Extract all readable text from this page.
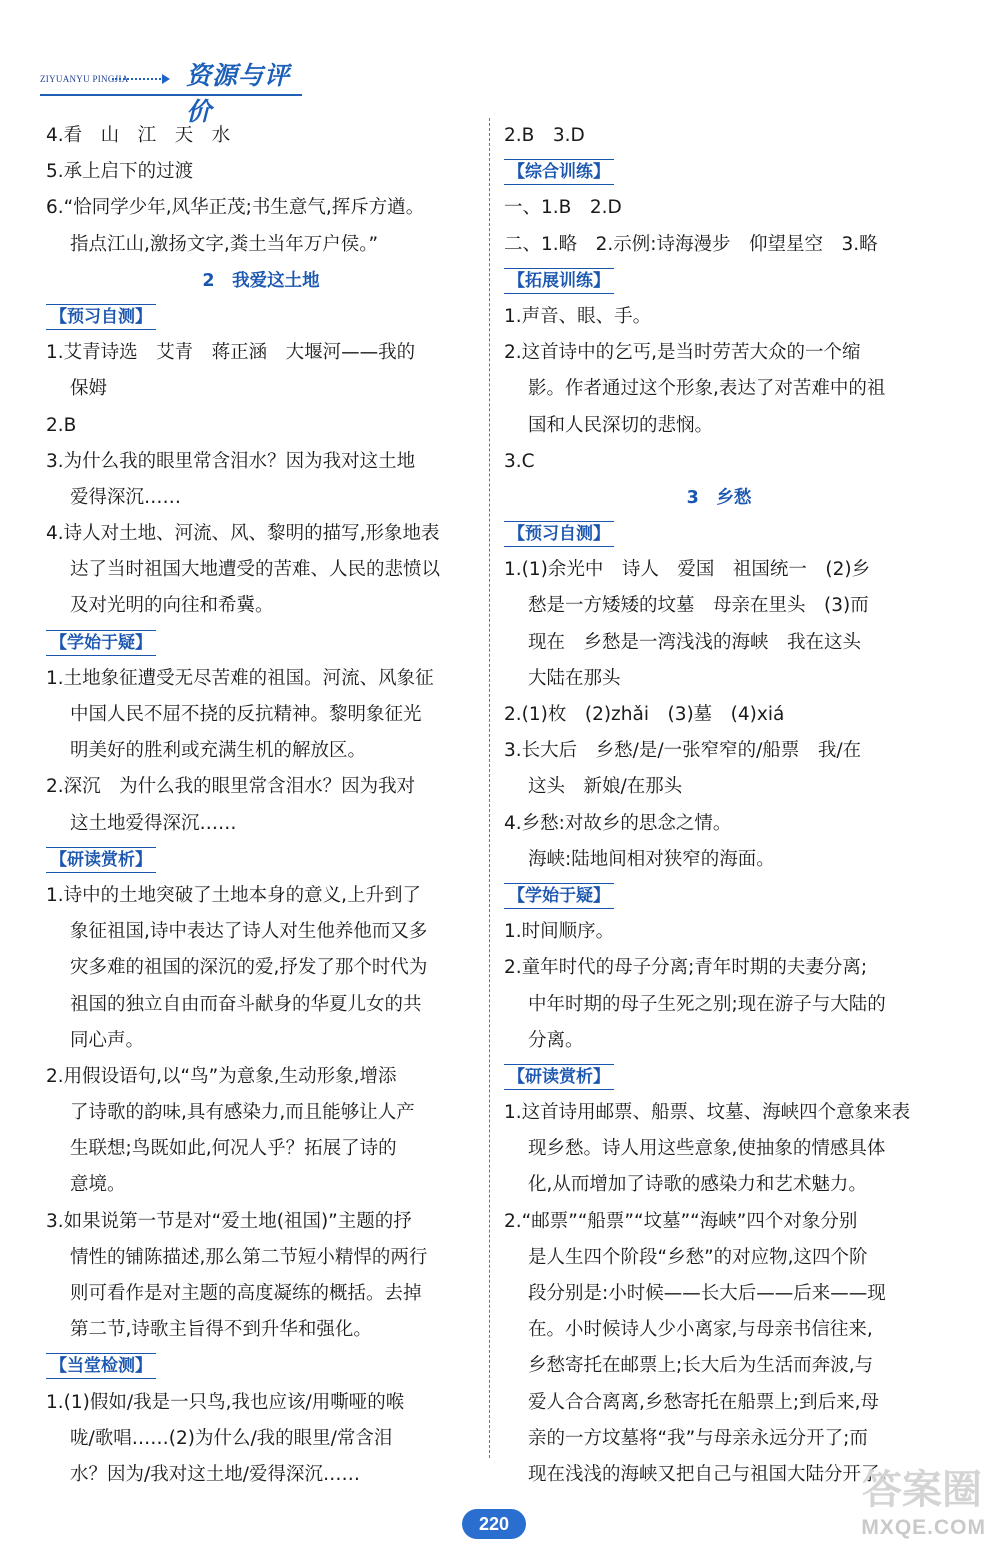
ZIYUANYU PINGJIA 资源与评价
4.看　山　江　天　水
5.承上启下的过渡
6.“恰同学少年,风华正茂;书生意气,挥斥方遒。
指点江山,激扬文字,粪土当年万户侯。”
2　我爱这土地
【 预习自测 】
1.艾青诗选　艾青　蒋正涵　大堰河——我的
保姆
2.B
3.为什么我的眼里常含泪水？因为我对这土地
爱得深沉……
4.诗人对土地、河流、风、黎明的描写,形象地表
达了当时祖国大地遭受的苦难、人民的悲愤以
及对光明的向往和希冀。
【 学始于疑 】
1.土地象征遭受无尽苦难的祖国。河流、风象征
中国人民不屈不挠的反抗精神。黎明象征光
明美好的胜利或充满生机的解放区。
2.深沉　为什么我的眼里常含泪水？因为我对
这土地爱得深沉……
【 研读赏析 】
1.诗中的土地突破了土地本身的意义,上升到了
象征祖国,诗中表达了诗人对生他养他而又多
灾多难的祖国的深沉的爱,抒发了那个时代为
祖国的独立自由而奋斗献身的华夏儿女的共
同心声。
2.用假设语句,以“鸟”为意象,生动形象,增添
了诗歌的韵味,具有感染力,而且能够让人产
生联想;鸟既如此,何况人乎？拓展了诗的
意境。
3.如果说第一节是对“爱土地(祖国)”主题的抒
情性的铺陈描述,那么第二节短小精悍的两行
则可看作是对主题的高度凝练的概括。去掉
第二节,诗歌主旨得不到升华和强化。
【 当堂检测 】
1.(1)假如/我是一只鸟,我也应该/用嘶哑的喉
咙/歌唱……(2)为什么/我的眼里/常含泪
水？因为/我对这土地/爱得深沉……
2.B　3.D
【 综合训练 】
一、1.B　2.D
二、1.略　2.示例:诗海漫步　仰望星空　3.略
【 拓展训练 】
1.声音、眼、手。
2.这首诗中的乞丐,是当时劳苦大众的一个缩
影。作者通过这个形象,表达了对苦难中的祖
国和人民深切的悲悯。
3.C
3　乡愁
【 预习自测 】
1.(1)余光中　诗人　爱国　祖国统一　(2)乡
愁是一方矮矮的坟墓　母亲在里头　(3)而
现在　乡愁是一湾浅浅的海峡　我在这头
大陆在那头
2.(1)枚　(2)zhǎi　(3)墓　(4)xiá
3.长大后　乡愁/是/一张窄窄的/船票　我/在
这头　新娘/在那头
4.乡愁:对故乡的思念之情。
海峡:陆地间相对狭窄的海面。
【 学始于疑 】
1.时间顺序。
2.童年时代的母子分离;青年时期的夫妻分离;
中年时期的母子生死之别;现在游子与大陆的
分离。
【 研读赏析 】
1.这首诗用邮票、船票、坟墓、海峡四个意象来表
现乡愁。诗人用这些意象,使抽象的情感具体
化,从而增加了诗歌的感染力和艺术魅力。
2.“邮票”“船票”“坟墓”“海峡”四个对象分别
是人生四个阶段“乡愁”的对应物,这四个阶
段分别是:小时候——长大后——后来——现
在。小时候诗人少小离家,与母亲书信往来,
乡愁寄托在邮票上;长大后为生活而奔波,与
爱人合合离离,乡愁寄托在船票上;到后来,母
亲的一方坟墓将“我”与母亲永远分开了;而
现在浅浅的海峡又把自己与祖国大陆分开了。
220
答案圈
MXQE.COM
